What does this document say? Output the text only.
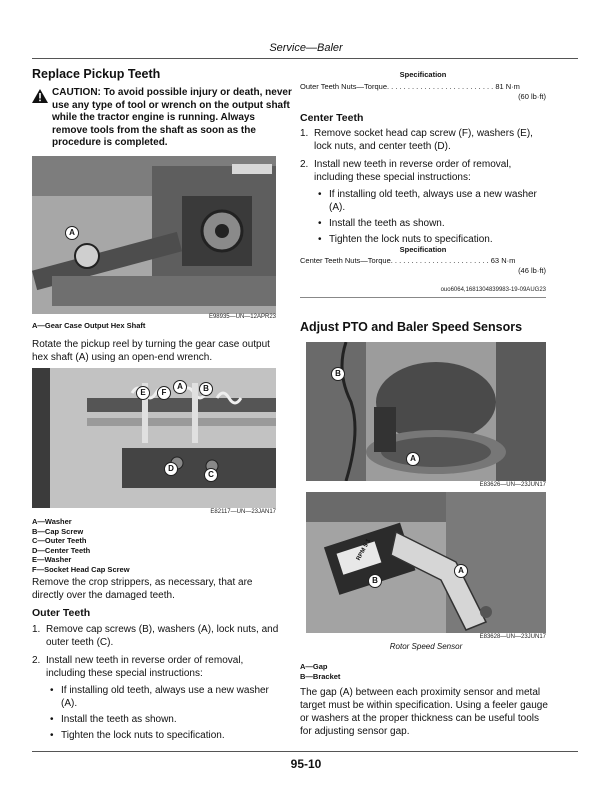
Service—Baler
Replace Pickup Teeth

CAUTION: To avoid possible injury or death, never use any type of tool or wrench on the output shaft while the tractor engine is running. Always remove tools from the shaft as soon as the procedure is completed.

A
E98935—UN—12APR23
A—Gear Case Output Hex Shaft

Rotate the pickup reel by turning the gear case output hex shaft (A) using an open-end wrench.

E	F
A	B
D
C
E82117—UN—23JAN17
A—Washer
B—Cap Screw
C—Outer Teeth
D—Center Teeth
E—Washer
F—Socket Head Cap Screw

Remove the crop strippers, as necessary, that are directly over the damaged teeth.

Outer Teeth
1. Remove cap screws (B), washers (A), lock nuts, and outer teeth (C).
2. Install new teeth in reverse order of removal, including these special instructions:
• If installing old teeth, always use a new washer (A).
• Install the teeth as shown.
• Tighten the lock nuts to specification.
Specification
Outer Teeth Nuts—Torque. . . . . . . . . . . . . . . . . . . . . . . . . . 81 N·m
(60 lb·ft)
Center Teeth
1. Remove socket head cap screw (F), washers (E), lock nuts, and center teeth (D).
2. Install new teeth in reverse order of removal, including these special instructions:
• If installing old teeth, always use a new washer (A).
• Install the teeth as shown.
• Tighten the lock nuts to specification.
Specification
Center Teeth Nuts—Torque. . . . . . . . . . . . . . . . . . . . . . . . 63 N·m
(46 lb·ft)
ouo6064,1681304839983-19-09AUG23
Adjust PTO and Baler Speed Sensors
B
A
E83626—UN—23JUN17
RPM 5 1
A
B
E83628—UN—23JUN17
Rotor Speed Sensor
A—Gap
B—Bracket

The gap (A) between each proximity sensor and metal target must be within specification. Using a feeler gauge or washers at the proper thickness can be useful tools for adjusting sensor gap.

95-10
